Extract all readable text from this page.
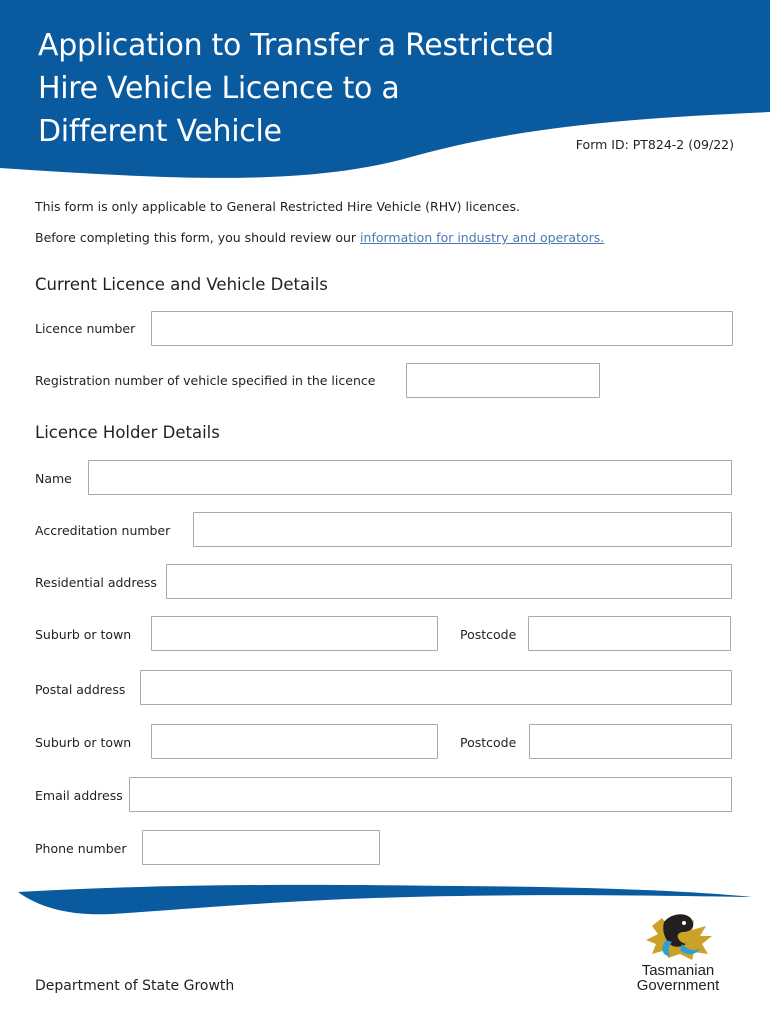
Application to Transfer a Restricted
Hire Vehicle Licence to a
Different Vehicle	Form ID: PT824-2 (09/22)
This form is only applicable to General Restricted Hire Vehicle (RHV) licences.
Before completing this form, you should review our information for industry and operators.
Current Licence and Vehicle Details
Licence number
Registration number of vehicle specified in the licence
Licence Holder Details
Name
Accreditation number
Residential address
Suburb or town	Postcode
Postal address
Suburb or town	Postcode
Email address
Phone number
Department of State Growth
Tasmanian
Government
